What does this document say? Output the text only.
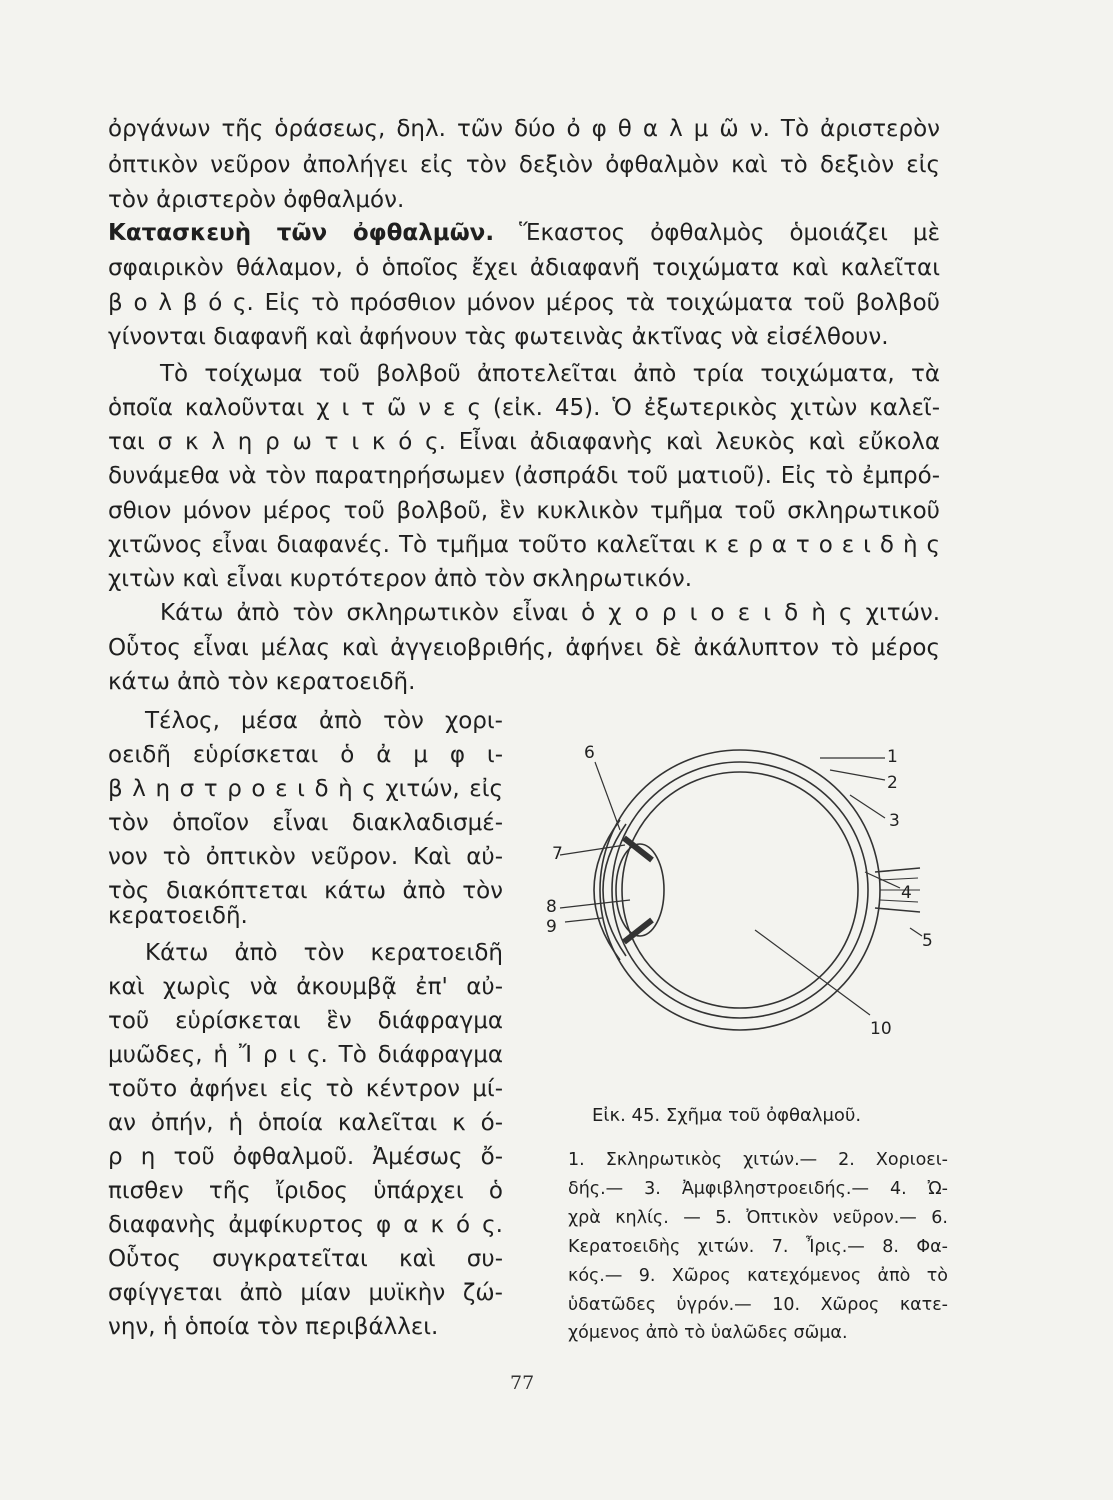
ὀργάνων τῆς ὁράσεως, δηλ. τῶν δύο ὀ φ θ α λ μ ῶ ν. Τὸ ἀριστερὸν
ὀπτικὸν νεῦρον ἀπολήγει εἰς τὸν δεξιὸν ὀφθαλμὸν καὶ τὸ δεξιὸν εἰς
τὸν ἀριστερὸν ὀφθαλμόν.
Κατασκευὴ τῶν ὀφθαλμῶν. Ἕκαστος ὀφθαλμὸς ὁμοιάζει μὲ
σφαιρικὸν θάλαμον, ὁ ὁποῖος ἔχει ἀδιαφανῆ τοιχώματα καὶ καλεῖται
β ο λ β ό ς. Εἰς τὸ πρόσθιον μόνον μέρος τὰ τοιχώματα τοῦ βολβοῦ
γίνονται διαφανῆ καὶ ἀφήνουν τὰς φωτεινὰς ἀκτῖνας νὰ εἰσέλθουν.
Τὸ τοίχωμα τοῦ βολβοῦ ἀποτελεῖται ἀπὸ τρία τοιχώματα, τὰ
ὁποῖα καλοῦνται χ ι τ ῶ ν ε ς (εἰκ. 45). Ὁ ἐξωτερικὸς χιτὼν καλεῖ-
ται σ κ λ η ρ ω τ ι κ ό ς. Εἶναι ἀδιαφανὴς καὶ λευκὸς καὶ εὔκολα
δυνάμεθα νὰ τὸν παρατηρήσωμεν (ἀσπράδι τοῦ ματιοῦ). Εἰς τὸ ἐμπρό-
σθιον μόνον μέρος τοῦ βολβοῦ, ἓν κυκλικὸν τμῆμα τοῦ σκληρωτικοῦ
χιτῶνος εἶναι διαφανές. Τὸ τμῆμα τοῦτο καλεῖται κ ε ρ α τ ο ε ι δ ὴ ς
χιτὼν καὶ εἶναι κυρτότερον ἀπὸ τὸν σκληρωτικόν.
Κάτω ἀπὸ τὸν σκληρωτικὸν εἶναι ὁ χ ο ρ ι ο ε ι δ ὴ ς χιτών.
Οὗτος εἶναι μέλας καὶ ἀγγειοβριθής, ἀφήνει δὲ ἀκάλυπτον τὸ μέρος
κάτω ἀπὸ τὸν κερατοειδῆ.
Τέλος, μέσα ἀπὸ τὸν χορι-
οειδῆ εὑρίσκεται ὁ ἀ μ φ ι-
β λ η σ τ ρ ο ε ι δ ὴ ς χιτών, εἰς
τὸν ὁποῖον εἶναι διακλαδισμέ-
νον τὸ ὀπτικὸν νεῦρον. Καὶ αὐ-
τὸς διακόπτεται κάτω ἀπὸ τὸν
κερατοειδῆ.
Κάτω ἀπὸ τὸν κερατοειδῆ
καὶ χωρὶς νὰ ἀκουμβᾷ ἐπ' αὐ-
τοῦ εὑρίσκεται ἓν διάφραγμα
μυῶδες, ἡ Ἴ ρ ι ς. Τὸ διάφραγμα
τοῦτο ἀφήνει εἰς τὸ κέντρον μί-
αν ὀπήν, ἡ ὁποία καλεῖται κ ό-
ρ η τοῦ ὀφθαλμοῦ. Ἀμέσως ὄ-
πισθεν τῆς ἴριδος ὑπάρχει ὁ
διαφανὴς ἀμφίκυρτος φ α κ ό ς.
Οὗτος συγκρατεῖται καὶ συ-
σφίγγεται ἀπὸ μίαν μυϊκὴν ζώ-
νην, ἡ ὁποία τὸν περιβάλλει.
1
2
3
4
5
6
7
8
9
10
Εἰκ. 45. Σχῆμα τοῦ ὀφθαλμοῦ.
1. Σκληρωτικὸς χιτών.— 2. Χοριοει-
δής.— 3. Ἀμφιβληστροειδής.— 4. Ὠ-
χρὰ κηλίς. — 5. Ὀπτικὸν νεῦρον.— 6.
Κερατοειδὴς χιτών. 7. Ἶρις.— 8. Φα-
κός.— 9. Χῶρος κατεχόμενος ἀπὸ τὸ
ὑδατῶδες ὑγρόν.— 10. Χῶρος κατε-
χόμενος ἀπὸ τὸ ὑαλῶδες σῶμα.
77
